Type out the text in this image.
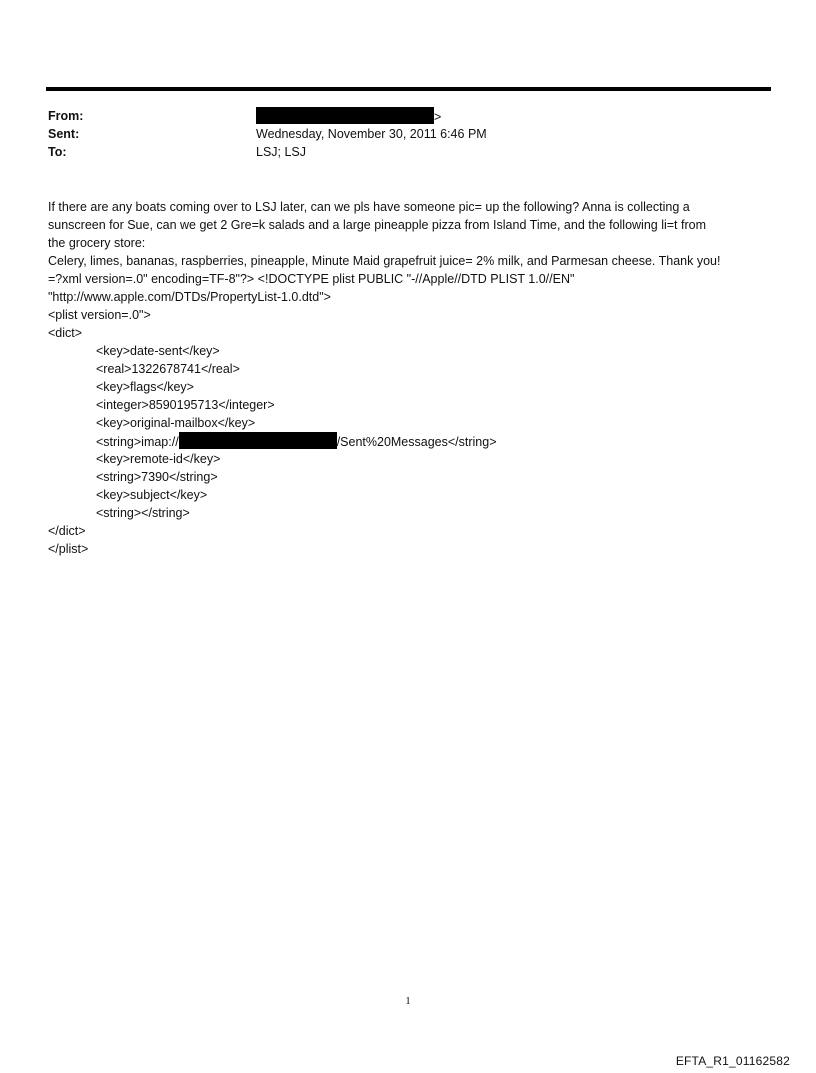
From:	>
Sent:	Wednesday, November 30, 2011 6:46 PM
To:	LSJ; LSJ
If there are any boats coming over to LSJ later, can we pls have someone pic= up the following? Anna is collecting a
sunscreen for Sue, can we get 2 Gre=k salads and a large pineapple pizza from Island Time, and the following li=t from
the grocery store:
Celery, limes, bananas, raspberries, pineapple, Minute Maid grapefruit juice= 2% milk, and Parmesan cheese. Thank you!
=?xml version=.0" encoding=TF-8"?> <!DOCTYPE plist PUBLIC "-//Apple//DTD PLIST 1.0//EN"
"http://www.apple.com/DTDs/PropertyList-1.0.dtd">
<plist version=.0">
<dict>
<key>date-sent</key>
<real>1322678741</real>
<key>flags</key>
<integer>8590195713</integer>
<key>original-mailbox</key>
<string>imap://	/Sent%20Messages</string>
<key>remote-id</key>
<string>7390</string>
<key>subject</key>
<string></string>
</dict>
</plist>
1
EFTA_R1_01162582
